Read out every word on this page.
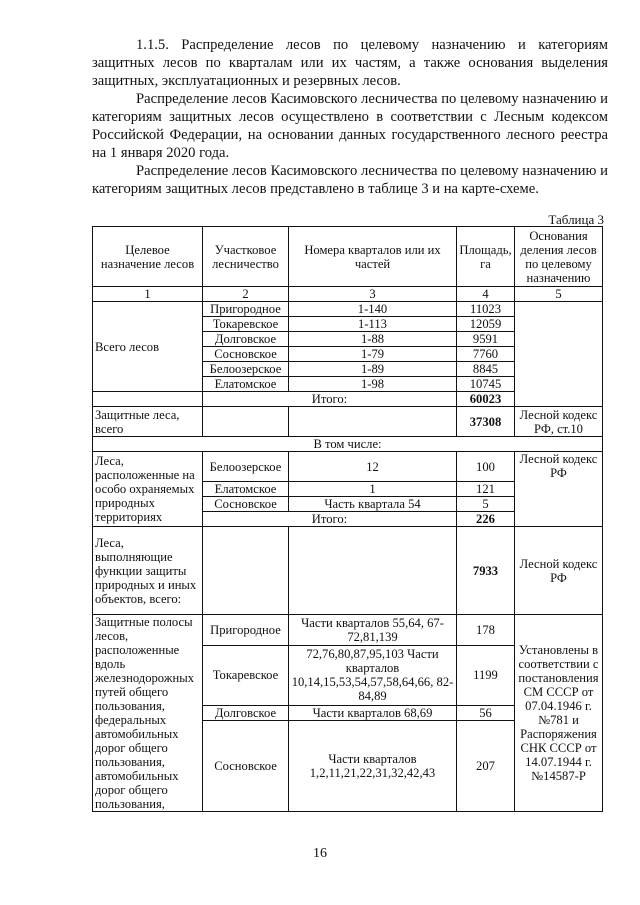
1.1.5. Распределение лесов по целевому назначению и категориям защитных лесов по кварталам или их частям, а также основания выделения защитных, эксплуатационных и резервных лесов.

Распределение лесов Касимовского лесничества по целевому назначению и категориям защитных лесов осуществлено в соответствии с Лесным кодексом Российской Федерации, на основании данных государственного лесного реестра на 1 января 2020 года.

Распределение лесов Касимовского лесничества по целевому назначению и категориям защитных лесов представлено в таблице 3 и на карте-схеме.

Таблица 3
Целевое назначение лесов	Участковое лесничество	Номера кварталов или их частей	Площадь, га	Основания деления лесов по целевому назначению
1	2	3	4	5
Всего лесов	Пригородное	1-140	11023	
	Токаревское	1-113	12059	
	Долговское	1-88	9591	
	Сосновское	1-79	7760	
	Белоозерское	1-89	8845	
	Елатомское	1-98	10745	
	Итого:		60023	
Защитные леса, всего			37308	Лесной кодекс РФ, ст.10
В том числе:				
Леса, расположенные на особо охраняемых природных территориях	Белоозерское	12	100	Лесной кодекс РФ
	Елатомское	1	121	
	Сосновское	Часть квартала 54	5	
	Итого:		226	
Леса, выполняющие функции защиты природных и иных объектов, всего:			7933	Лесной кодекс РФ
Защитные полосы лесов, расположенные вдоль железнодорожных путей общего пользования, федеральных автомобильных дорог общего пользования, автомобильных дорог общего пользования,	Пригородное	Части кварталов 55,64, 67-72,81,139	178	Установлены в соответствии с постановления СМ СССР от 07.04.1946 г. №781 и Распоряжения СНК СССР от 14.07.1944 г. №14587-Р
	Токаревское	72,76,80,87,95,103 Части кварталов 10,14,15,53,54,57,58,64,66, 82-84,89	1199	
	Долговское	Части кварталов 68,69	56	
	Сосновское	Части кварталов 1,2,11,21,22,31,32,42,43	207	
16
